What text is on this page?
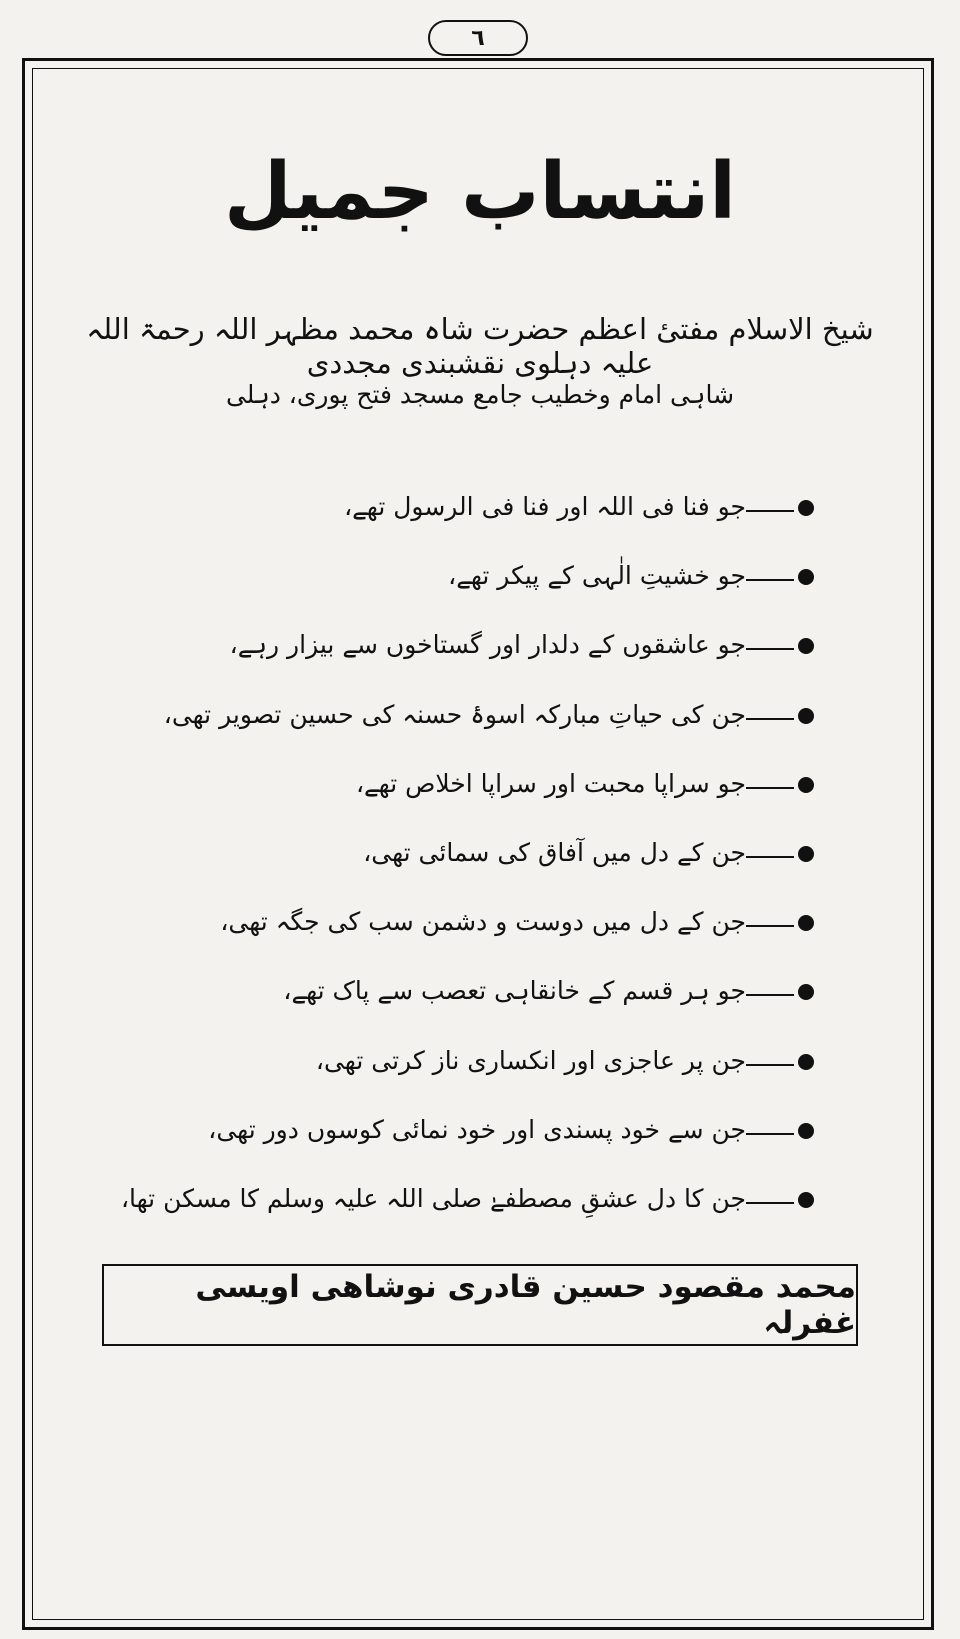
٦
انتساب جمیل
شیخ الاسلام مفتیٔ اعظم حضرت شاہ محمد مظہر اللہ رحمۃ اللہ علیہ دہلوی نقشبندی مجددی
شاہی امام وخطیب جامع مسجد فتح پوری، دہلی
جو فنا فی اللہ اور فنا فی الرسول تھے،
جو خشیتِ الٰہی کے پیکر تھے،
جو عاشقوں کے دلدار اور گستاخوں سے بیزار رہے،
جن کی حیاتِ مبارکہ اسوۂ حسنہ کی حسین تصویر تھی،
جو سراپا محبت اور سراپا اخلاص تھے،
جن کے دل میں آفاق کی سمائی تھی،
جن کے دل میں دوست و دشمن سب کی جگہ تھی،
جو ہر قسم کے خانقاہی تعصب سے پاک تھے،
جن پر عاجزی اور انکساری ناز کرتی تھی،
جن سے خود پسندی اور خود نمائی کوسوں دور تھی،
جن کا دل عشقِ مصطفےٰ صلی اللہ علیہ وسلم کا مسکن تھا،
محمد مقصود حسین قادری نوشاھی اویسی غفرلہ
